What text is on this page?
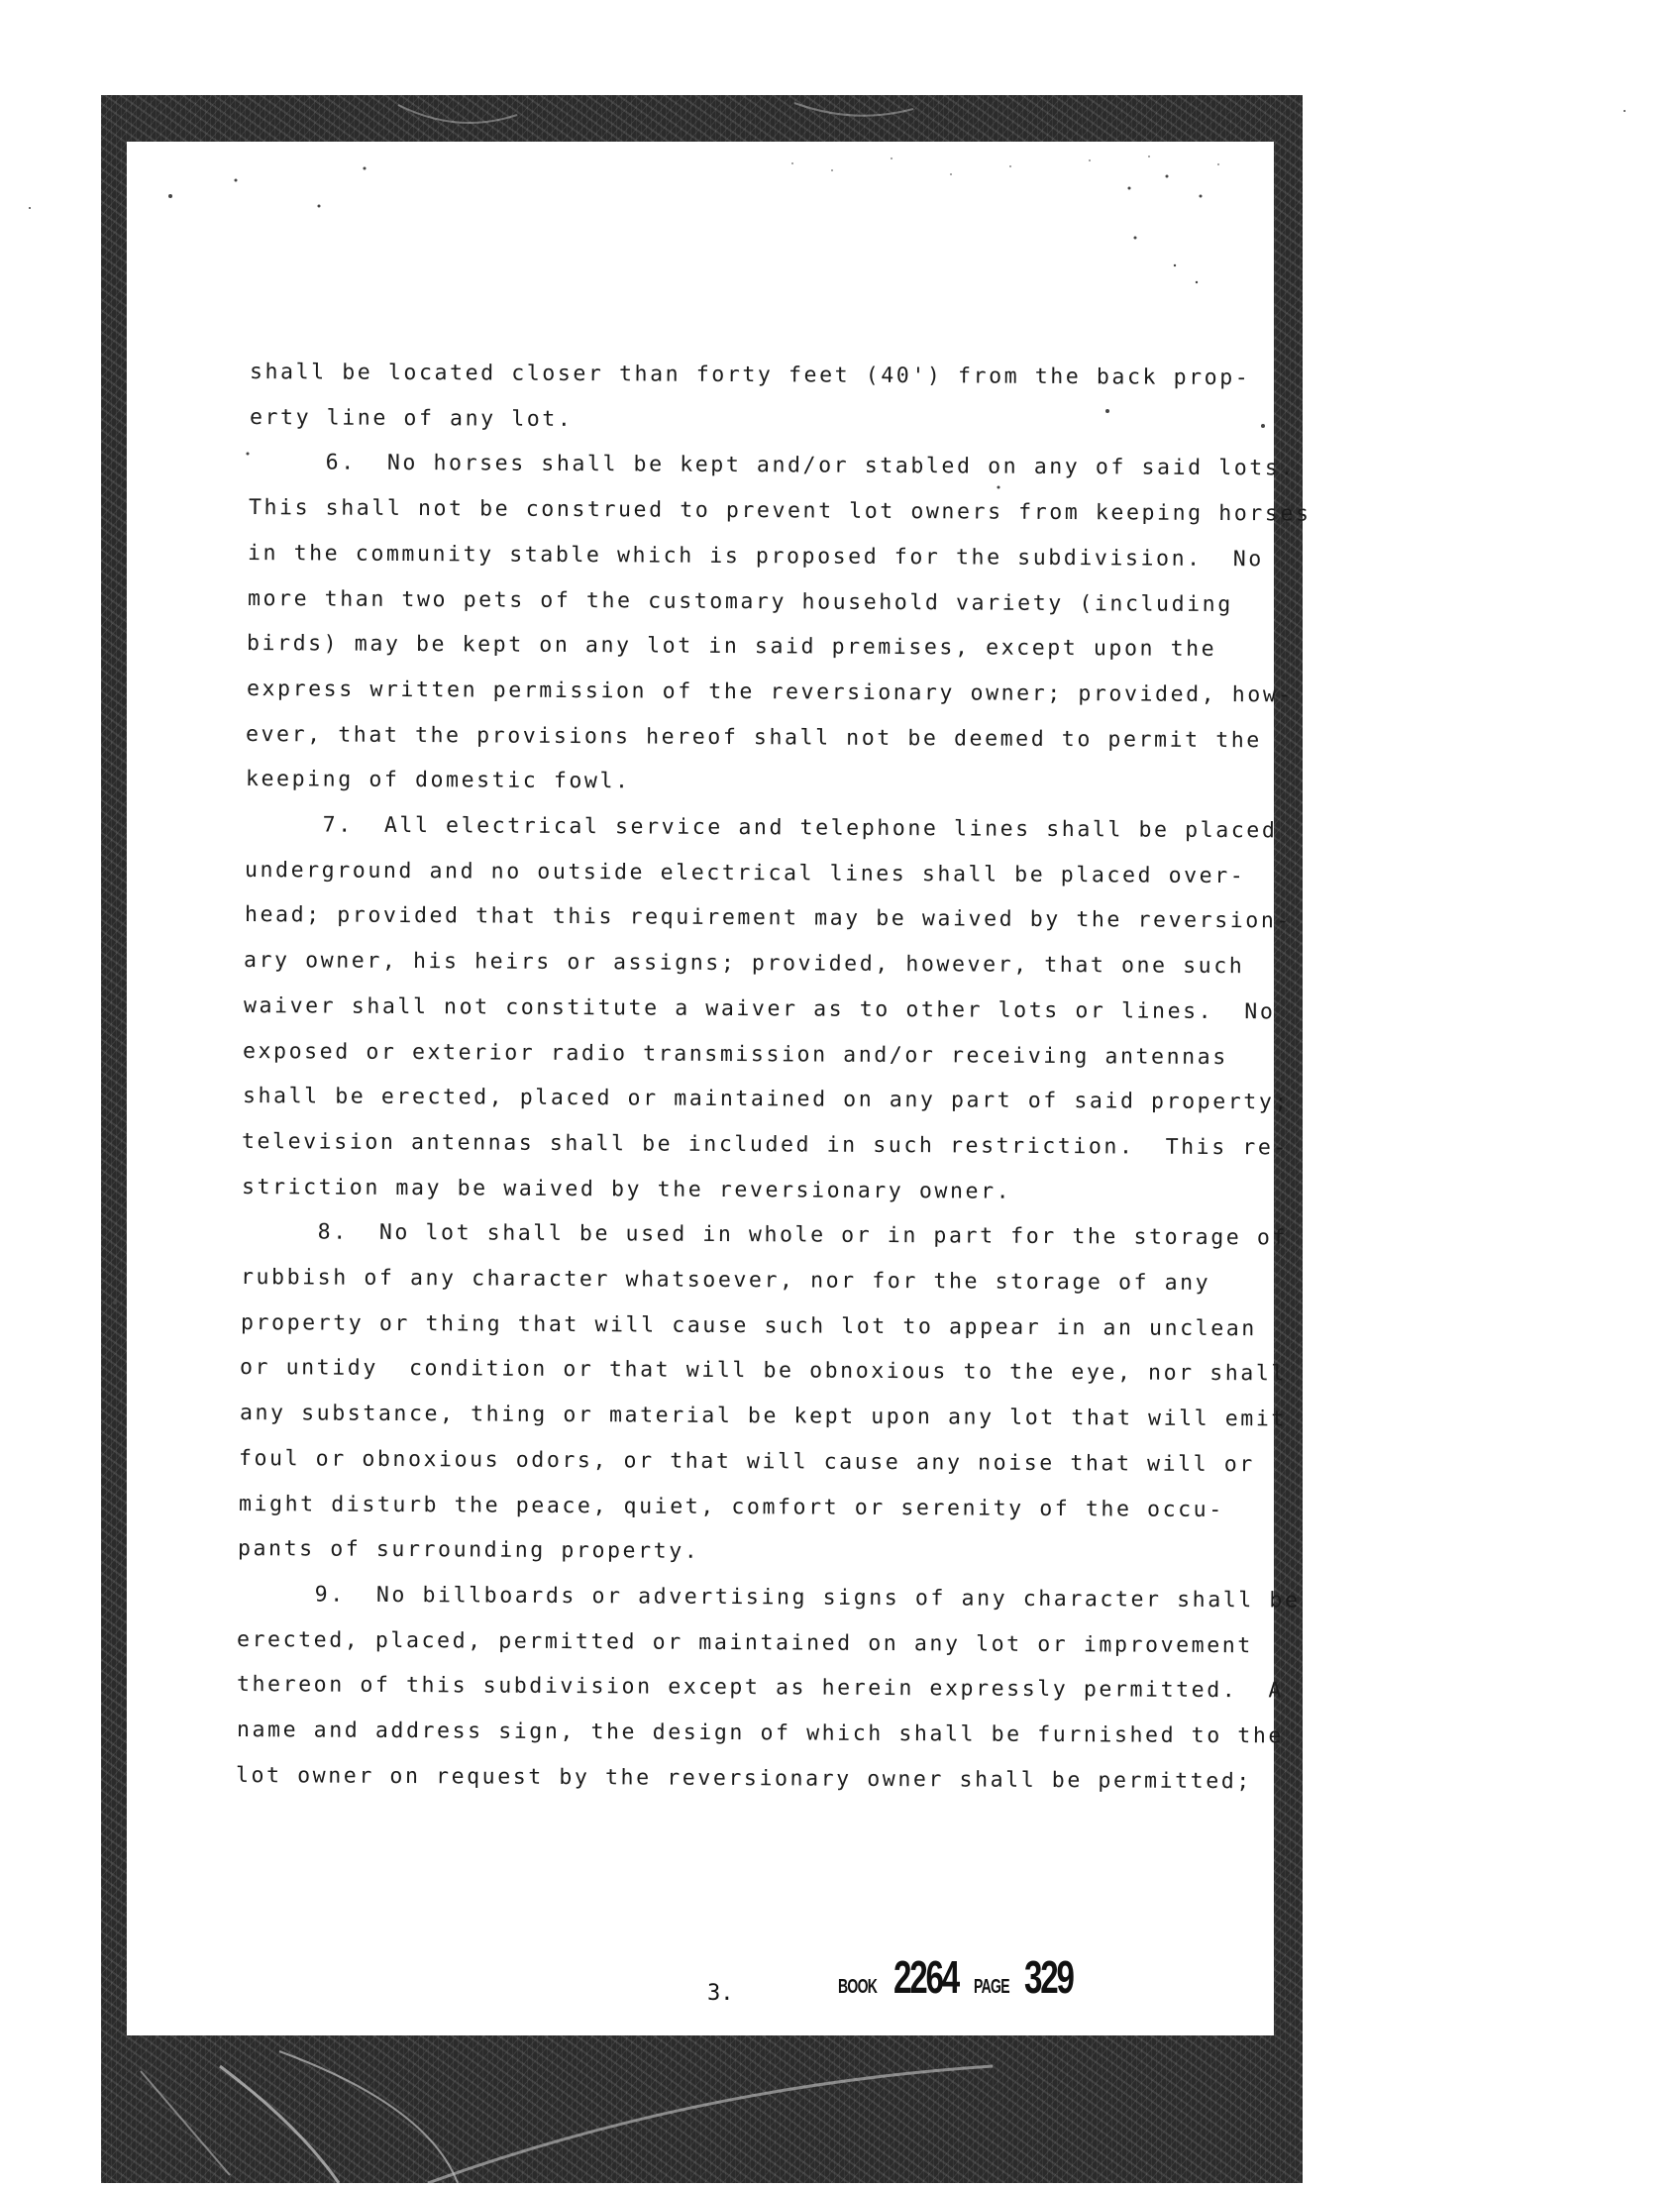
shall be located closer than forty feet (40') from the back prop-
erty line of any lot.
6.  No horses shall be kept and/or stabled on any of said lots.
This shall not be construed to prevent lot owners from keeping horses
in the community stable which is proposed for the subdivision.  No
more than two pets of the customary household variety (including
birds) may be kept on any lot in said premises, except upon the
express written permission of the reversionary owner; provided, how-
ever, that the provisions hereof shall not be deemed to permit the
keeping of domestic fowl.
7.  All electrical service and telephone lines shall be placed
underground and no outside electrical lines shall be placed over-
head; provided that this requirement may be waived by the reversion-
ary owner, his heirs or assigns; provided, however, that one such
waiver shall not constitute a waiver as to other lots or lines.  No
exposed or exterior radio transmission and/or receiving antennas
shall be erected, placed or maintained on any part of said property;
television antennas shall be included in such restriction.  This re-
striction may be waived by the reversionary owner.
8.  No lot shall be used in whole or in part for the storage of
rubbish of any character whatsoever, nor for the storage of any
property or thing that will cause such lot to appear in an unclean
or untidy  condition or that will be obnoxious to the eye, nor shall
any substance, thing or material be kept upon any lot that will emit
foul or obnoxious odors, or that will cause any noise that will or
might disturb the peace, quiet, comfort or serenity of the occu-
pants of surrounding property.
9.  No billboards or advertising signs of any character shall be
erected, placed, permitted or maintained on any lot or improvement
thereon of this subdivision except as herein expressly permitted.  A
name and address sign, the design of which shall be furnished to the
lot owner on request by the reversionary owner shall be permitted;
3.	BOOK 2264 PAGE 329
